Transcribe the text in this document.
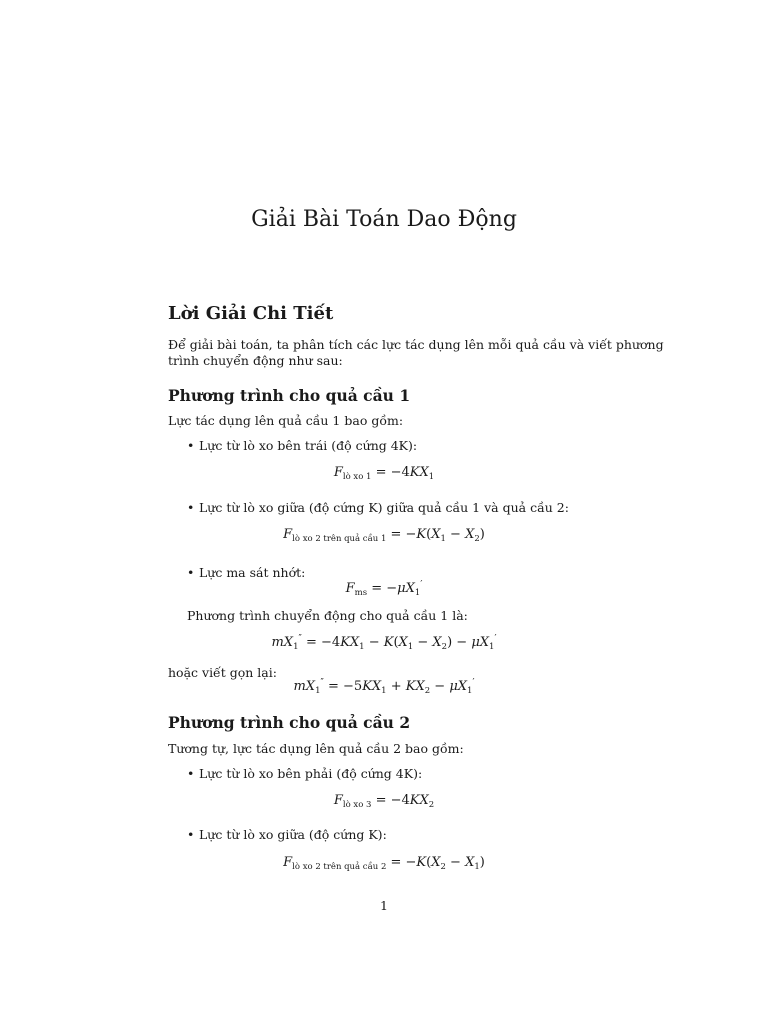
Giải Bài Toán Dao Động
Lời Giải Chi Tiết
Để giải bài toán, ta phân tích các lực tác dụng lên mỗi quả cầu và viết phương
trình chuyển động như sau:
Phương trình cho quả cầu 1
Lực tác dụng lên quả cầu 1 bao gồm:
• Lực từ lò xo bên trái (độ cứng 4K):
$F_{lò xo 1} = -4KX_1$
• Lực từ lò xo giữa (độ cứng K) giữa quả cầu 1 và quả cầu 2:
$F_{lò xo 2 trên quả cầu 1} = -K(X_1 - X_2)$
• Lực ma sát nhớt:
$F_{ms} = -\mu X_1'$
Phương trình chuyển động cho quả cầu 1 là:
$mX_1'' = -4KX_1 - K(X_1 - X_2) - \mu X_1'$
hoặc viết gọn lại:
$mX_1'' = -5KX_1 + KX_2 - \mu X_1'$
Phương trình cho quả cầu 2
Tương tự, lực tác dụng lên quả cầu 2 bao gồm:
• Lực từ lò xo bên phải (độ cứng 4K):
$F_{lò xo 3} = -4KX_2$
• Lực từ lò xo giữa (độ cứng K):
$F_{lò xo 2 trên quả cầu 2} = -K(X_2 - X_1)$
1
